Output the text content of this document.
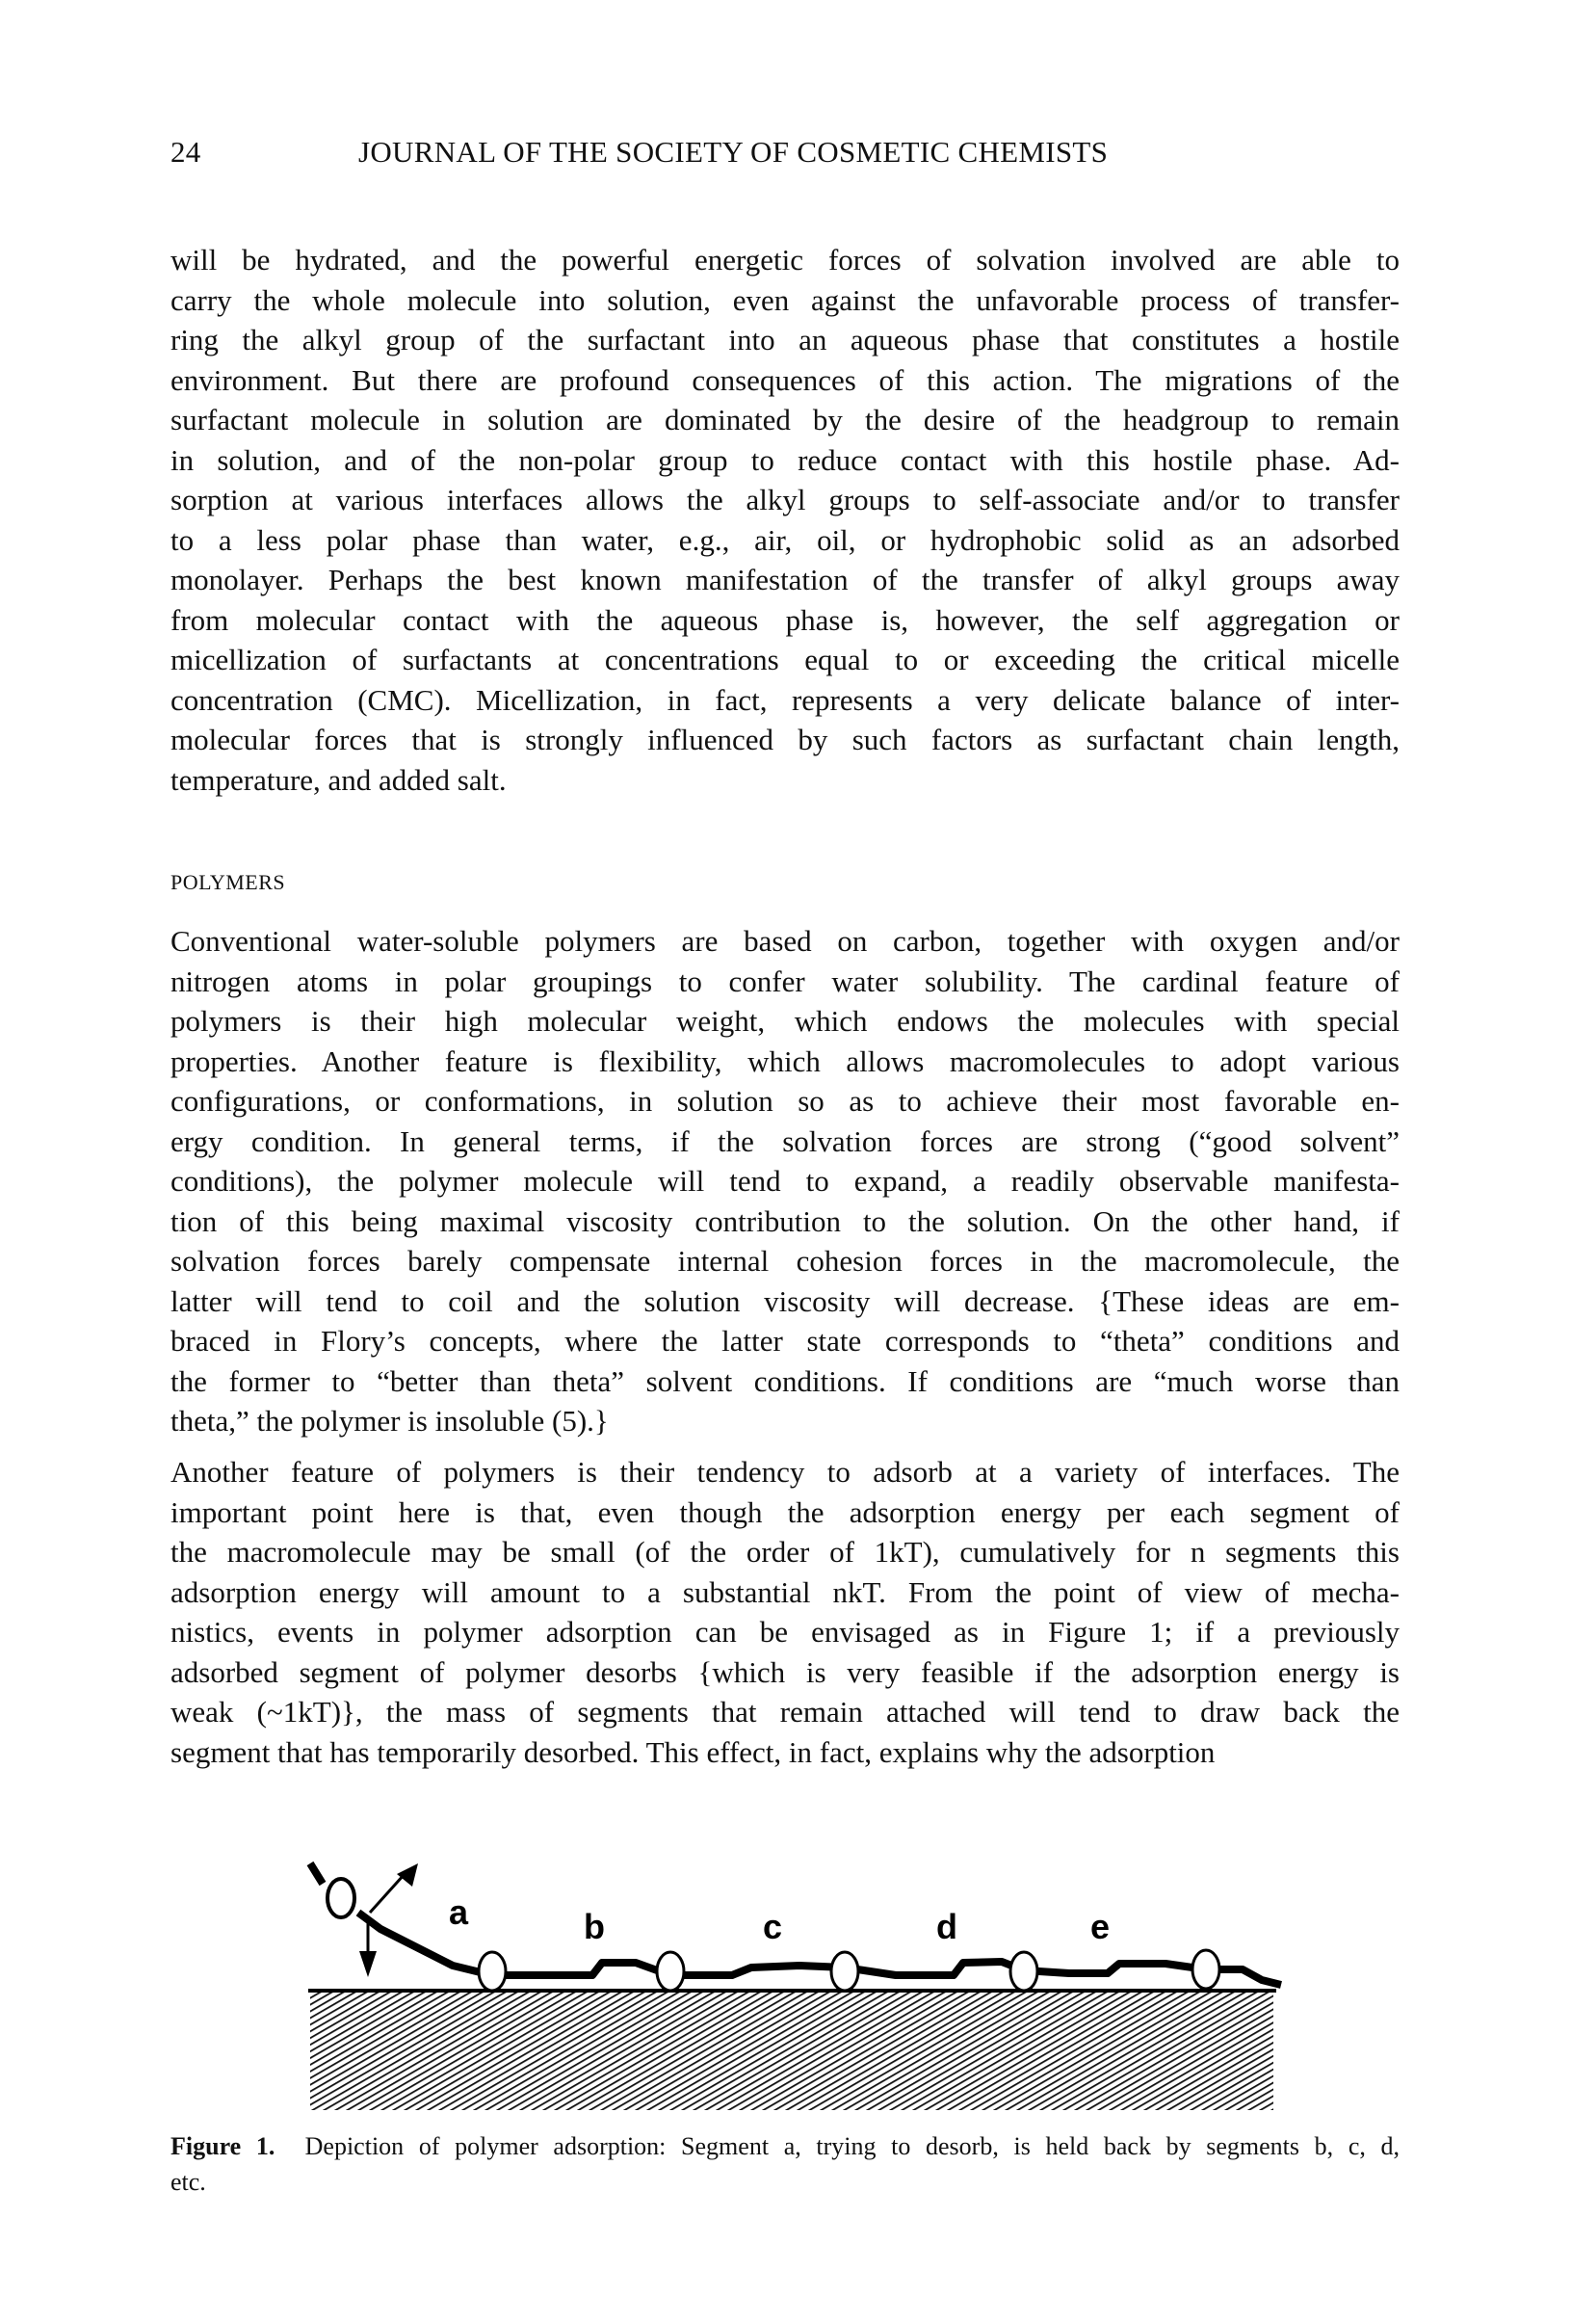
24	JOURNAL OF THE SOCIETY OF COSMETIC CHEMISTS
will be hydrated, and the powerful energetic forces of solvation involved are able to
carry the whole molecule into solution, even against the unfavorable process of transfer-
ring the alkyl group of the surfactant into an aqueous phase that constitutes a hostile
environment. But there are profound consequences of this action. The migrations of the
surfactant molecule in solution are dominated by the desire of the headgroup to remain
in solution, and of the non-polar group to reduce contact with this hostile phase. Ad-
sorption at various interfaces allows the alkyl groups to self-associate and/or to transfer
to a less polar phase than water, e.g., air, oil, or hydrophobic solid as an adsorbed
monolayer. Perhaps the best known manifestation of the transfer of alkyl groups away
from molecular contact with the aqueous phase is, however, the self aggregation or
micellization of surfactants at concentrations equal to or exceeding the critical micelle
concentration (CMC). Micellization, in fact, represents a very delicate balance of inter-
molecular forces that is strongly influenced by such factors as surfactant chain length,
temperature, and added salt.
POLYMERS
Conventional water-soluble polymers are based on carbon, together with oxygen and/or
nitrogen atoms in polar groupings to confer water solubility. The cardinal feature of
polymers is their high molecular weight, which endows the molecules with special
properties. Another feature is flexibility, which allows macromolecules to adopt various
configurations, or conformations, in solution so as to achieve their most favorable en-
ergy condition. In general terms, if the solvation forces are strong (“good solvent”
conditions), the polymer molecule will tend to expand, a readily observable manifesta-
tion of this being maximal viscosity contribution to the solution. On the other hand, if
solvation forces barely compensate internal cohesion forces in the macromolecule, the
latter will tend to coil and the solution viscosity will decrease. {These ideas are em-
braced in Flory’s concepts, where the latter state corresponds to “theta” conditions and
the former to “better than theta” solvent conditions. If conditions are “much worse than
theta,” the polymer is insoluble (5).}
Another feature of polymers is their tendency to adsorb at a variety of interfaces. The
important point here is that, even though the adsorption energy per each segment of
the macromolecule may be small (of the order of 1kT), cumulatively for n segments this
adsorption energy will amount to a substantial nkT. From the point of view of mecha-
nistics, events in polymer adsorption can be envisaged as in Figure 1; if a previously
adsorbed segment of polymer desorbs {which is very feasible if the adsorption energy is
weak (~1kT)}, the mass of segments that remain attached will tend to draw back the
segment that has temporarily desorbed. This effect, in fact, explains why the adsorption
a	b	c	d	e
Figure 1. Depiction of polymer adsorption: Segment a, trying to desorb, is held back by segments b, c, d,
etc.
